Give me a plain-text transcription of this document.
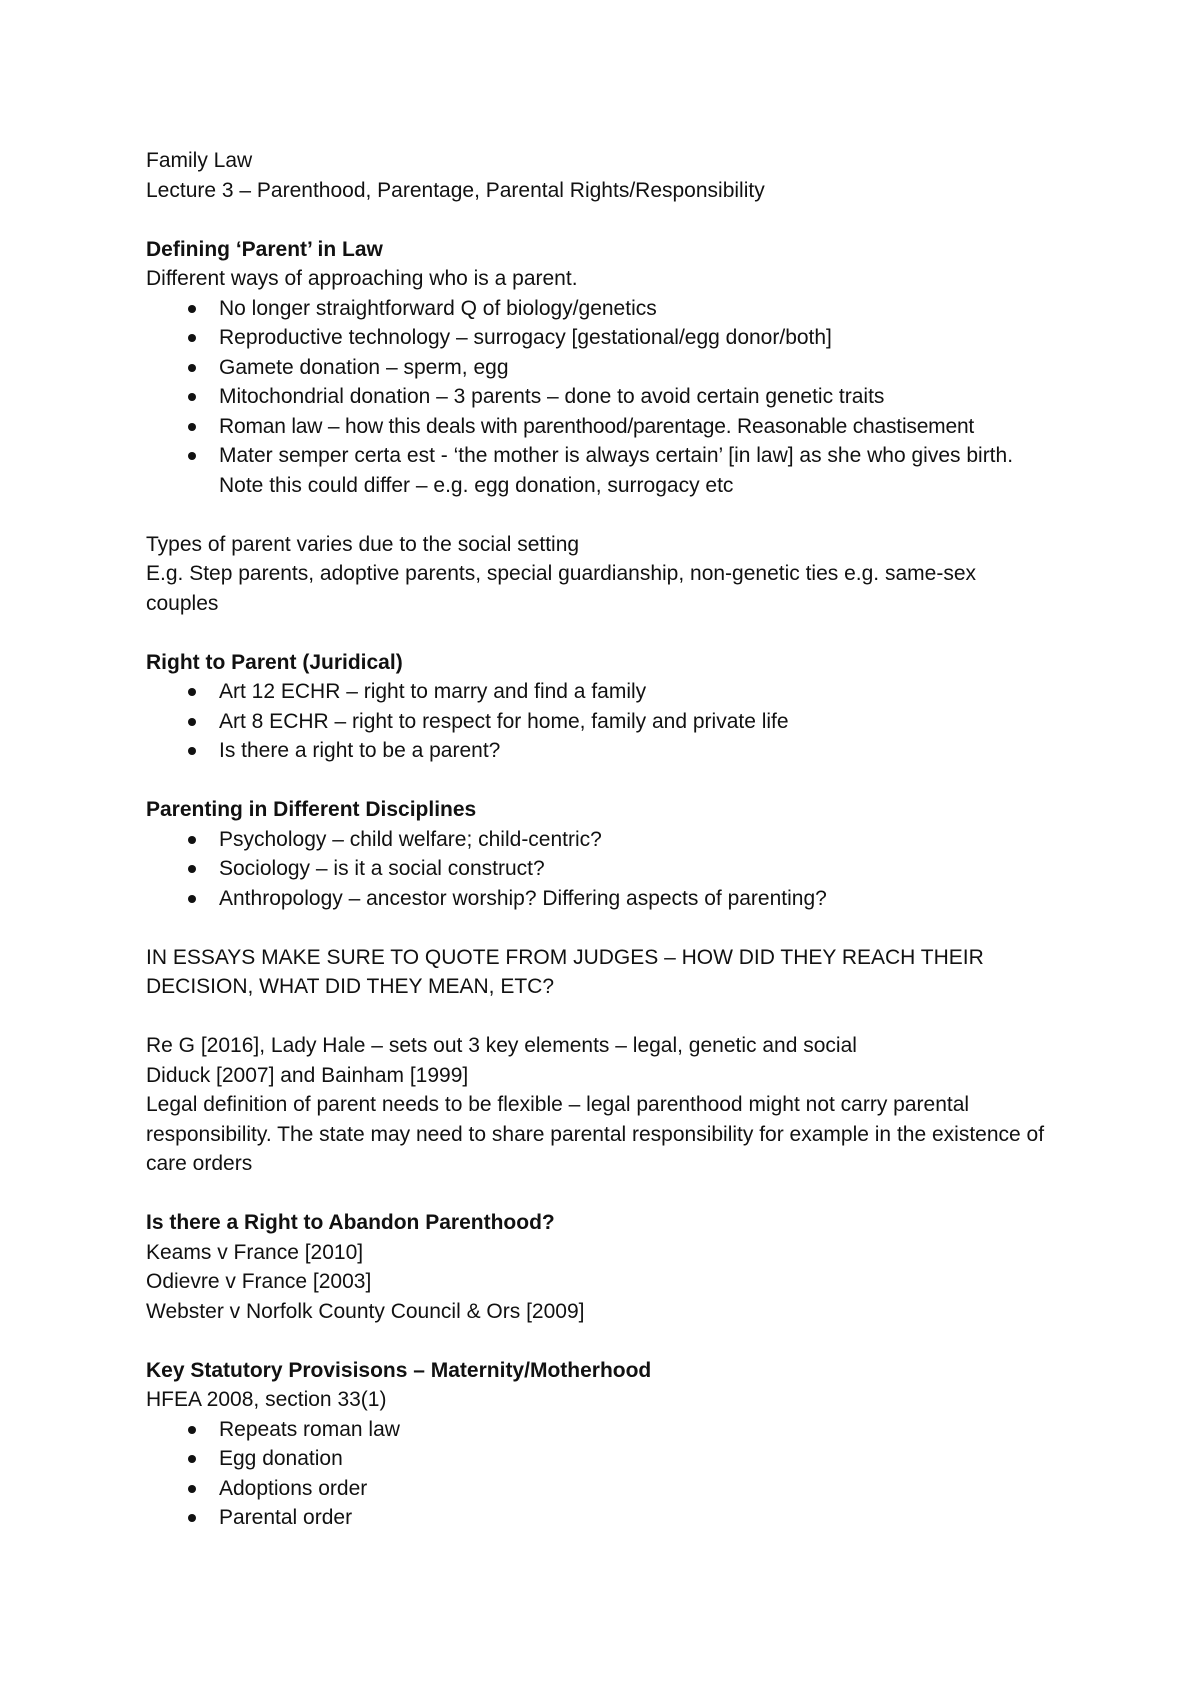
Family Law

Lecture 3 – Parenthood, Parentage, Parental Rights/Responsibility

Defining ‘Parent’ in Law

Different ways of approaching who is a parent.

No longer straightforward Q of biology/genetics
Reproductive technology – surrogacy [gestational/egg donor/both]
Gamete donation – sperm, egg
Mitochondrial donation – 3 parents – done to avoid certain genetic traits
Roman law – how this deals with parenthood/parentage. Reasonable chastisement
Mater semper certa est - ‘the mother is always certain’ [in law] as she who gives birth. Note this could differ – e.g. egg donation, surrogacy etc

Types of parent varies due to the social setting

E.g. Step parents, adoptive parents, special guardianship, non-genetic ties e.g. same-sex couples

Right to Parent (Juridical)

Art 12 ECHR – right to marry and find a family
Art 8 ECHR – right to respect for home, family and private life
Is there a right to be a parent?

Parenting in Different Disciplines

Psychology – child welfare; child-centric?
Sociology – is it a social construct?
Anthropology – ancestor worship? Differing aspects of parenting?

IN ESSAYS MAKE SURE TO QUOTE FROM JUDGES – HOW DID THEY REACH THEIR DECISION, WHAT DID THEY MEAN, ETC?

Re G [2016], Lady Hale – sets out 3 key elements – legal, genetic and social

Diduck [2007] and Bainham [1999]

Legal definition of parent needs to be flexible – legal parenthood might not carry parental responsibility. The state may need to share parental responsibility for example in the existence of care orders

Is there a Right to Abandon Parenthood?

Keams v France [2010]

Odievre v France [2003]

Webster v Norfolk County Council & Ors [2009]

Key Statutory Provisisons – Maternity/Motherhood

HFEA 2008, section 33(1)

Repeats roman law
Egg donation
Adoptions order
Parental order
